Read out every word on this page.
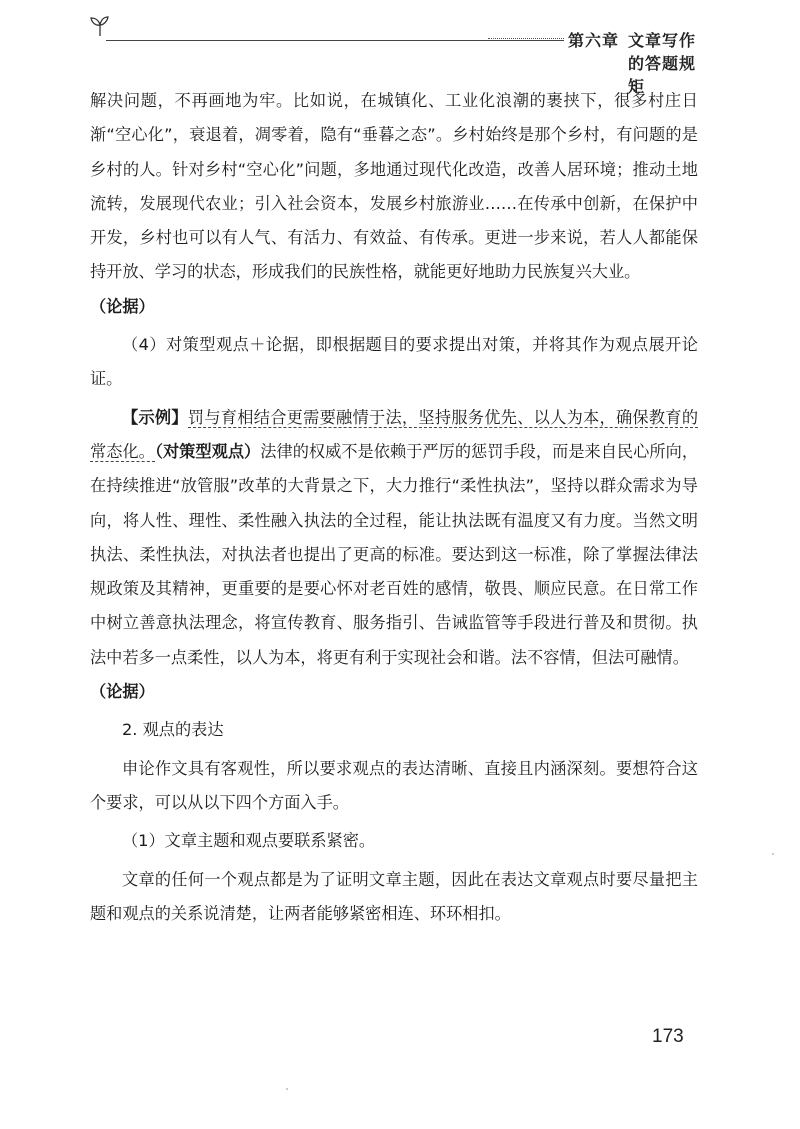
第六章 文章写作的答题规矩

解决问题，不再画地为牢。比如说，在城镇化、工业化浪潮的裹挟下，很多村庄日渐“空心化”，衰退着，凋零着，隐有“垂暮之态”。乡村始终是那个乡村，有问题的是乡村的人。针对乡村“空心化”问题，多地通过现代化改造，改善人居环境；推动土地流转，发展现代农业；引入社会资本，发展乡村旅游业……在传承中创新，在保护中开发，乡村也可以有人气、有活力、有效益、有传承。更进一步来说，若人人都能保持开放、学习的状态，形成我们的民族性格，就能更好地助力民族复兴大业。

（论据）

（4）对策型观点＋论据，即根据题目的要求提出对策，并将其作为观点展开论证。

【示例】罚与育相结合更需要融情于法，坚持服务优先、以人为本，确保教育的常态化。（对策型观点）法律的权威不是依赖于严厉的惩罚手段，而是来自民心所向，在持续推进“放管服”改革的大背景之下，大力推行“柔性执法”，坚持以群众需求为导向，将人性、理性、柔性融入执法的全过程，能让执法既有温度又有力度。当然文明执法、柔性执法，对执法者也提出了更高的标准。要达到这一标准，除了掌握法律法规政策及其精神，更重要的是要心怀对老百姓的感情，敬畏、顺应民意。在日常工作中树立善意执法理念，将宣传教育、服务指引、告诫监管等手段进行普及和贯彻。执法中若多一点柔性，以人为本，将更有利于实现社会和谐。法不容情，但法可融情。

（论据）

2. 观点的表达

申论作文具有客观性，所以要求观点的表达清晰、直接且内涵深刻。要想符合这个要求，可以从以下四个方面入手。

（1）文章主题和观点要联系紧密。

文章的任何一个观点都是为了证明文章主题，因此在表达文章观点时要尽量把主题和观点的关系说清楚，让两者能够紧密相连、环环相扣。

173
